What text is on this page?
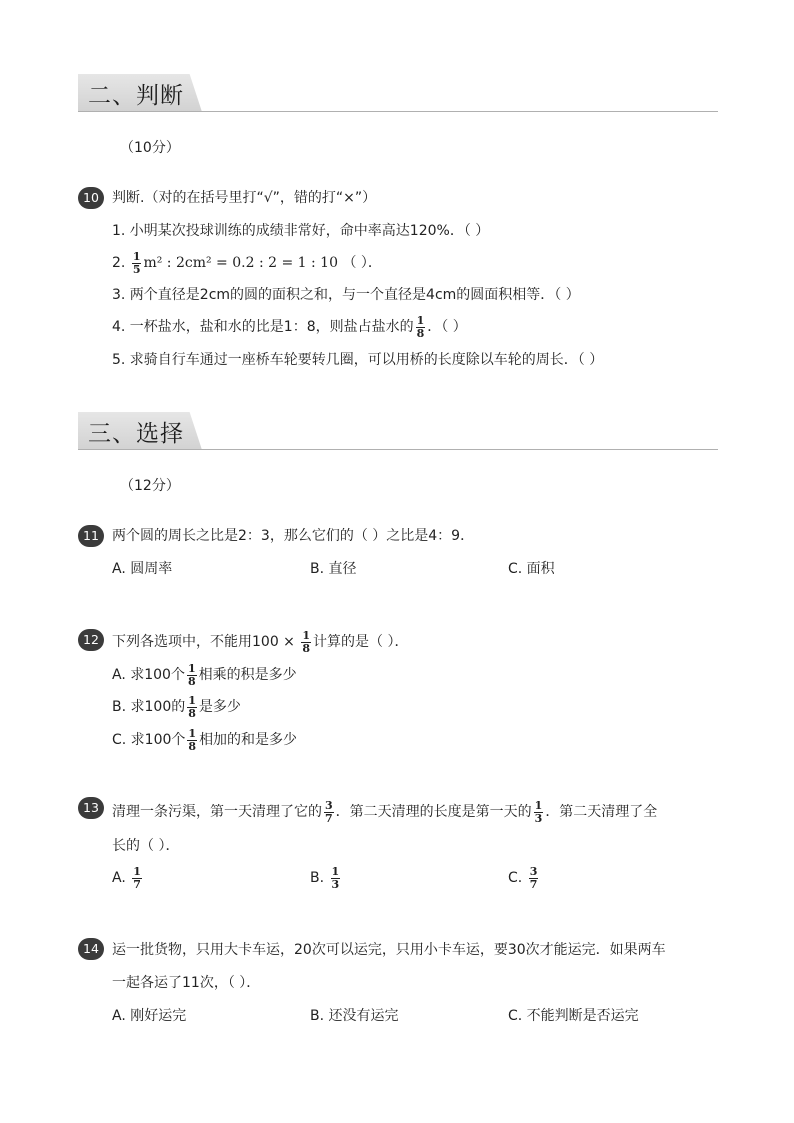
二、判断
（10分）
10 判断.（对的在括号里打“√”，错的打“×”）
1. 小明某次投球训练的成绩非常好，命中率高达120%．（ ）
2. $\frac{1}{5} m^2$ : 2cm² = 0.2 : 2 = 1 : 10 （ ）．
3. 两个直径是2cm的圆的面积之和，与一个直径是4cm的圆面积相等．（ ）
4. 一杯盐水，盐和水的比是1：8，则盐占盐水的 $\frac{1}{8}$ ．（ ）
5. 求骑自行车通过一座桥车轮要转几圈，可以用桥的长度除以车轮的周长．（ ）
三、选择
（12分）
11 两个圆的周长之比是2：3，那么它们的（ ）之比是4：9．
A. 圆周率	B. 直径	C. 面积
12 下列各选项中，不能用$100 \times \frac{1}{8}$ 计算的是（ ）．
A. 求100个 $\frac{1}{8}$ 相乘的积是多少
B. 求100的 $\frac{1}{8}$ 是多少
C. 求100个 $\frac{1}{8}$ 相加的和是多少
13 清理一条污渠，第一天清理了它的 $\frac{3}{7}$ ．第二天清理的长度是第一天的 $\frac{1}{3}$ ．第二天清理了全
长的（ ）．
A. $\frac{1}{7}$	B. $\frac{1}{3}$	C. $\frac{3}{7}$
14 运一批货物，只用大卡车运，20次可以运完，只用小卡车运，要30次才能运完．如果两车
一起各运了11次，（ ）．
A. 刚好运完	B. 还没有运完	C. 不能判断是否运完
